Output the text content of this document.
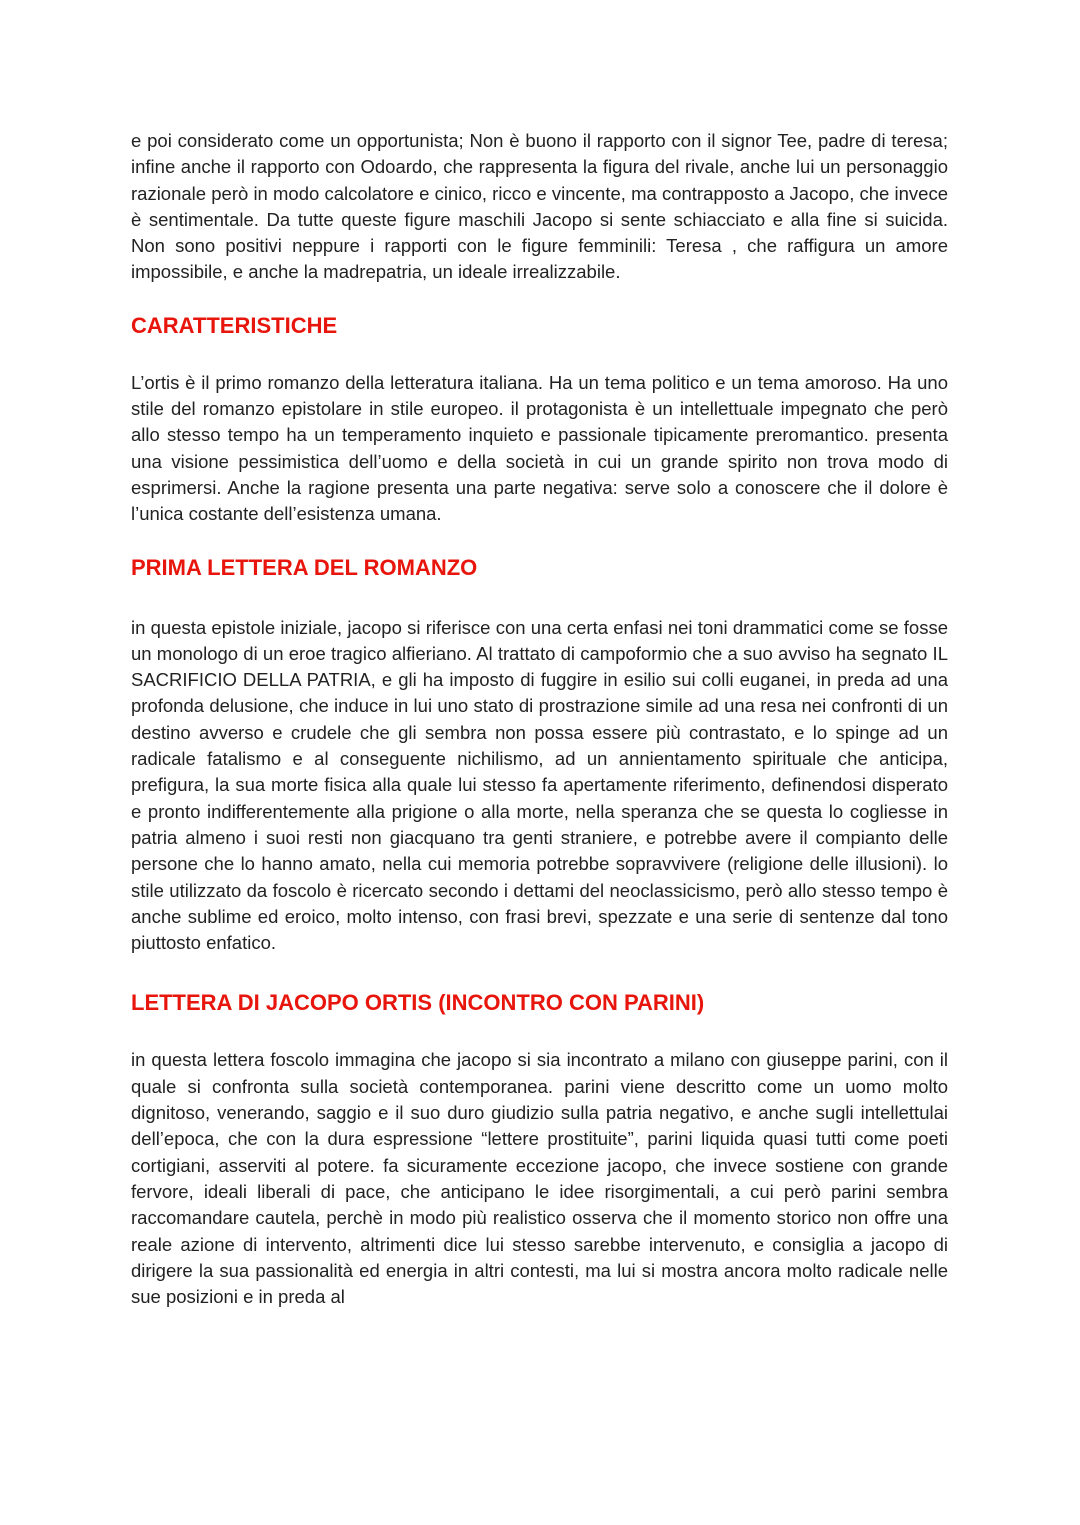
e poi considerato come un opportunista; Non è buono il rapporto con il signor Tee, padre di teresa; infine anche il rapporto con Odoardo, che rappresenta la figura del rivale, anche lui un personaggio razionale però in modo calcolatore e cinico, ricco e vincente, ma contrapposto a Jacopo, che invece è sentimentale. Da tutte queste figure maschili Jacopo si sente schiacciato e alla fine si suicida. Non sono positivi neppure i rapporti con le figure femminili: Teresa , che raffigura un amore impossibile, e anche la madrepatria, un ideale irrealizzabile.

CARATTERISTICHE

L’ortis è il primo romanzo della letteratura italiana. Ha un tema politico e un tema amoroso. Ha uno stile del romanzo epistolare in stile europeo. il protagonista è un intellettuale impegnato che però allo stesso tempo ha un temperamento inquieto e passionale tipicamente preromantico. presenta una visione pessimistica dell’uomo e della società in cui un grande spirito non trova modo di esprimersi. Anche la ragione presenta una parte negativa: serve solo a conoscere che il dolore è l’unica costante dell’esistenza umana.

PRIMA LETTERA DEL ROMANZO

in questa epistole iniziale, jacopo si riferisce con una certa enfasi nei toni drammatici come se fosse un monologo di un eroe tragico alfieriano. Al trattato di campoformio che a suo avviso ha segnato IL SACRIFICIO DELLA PATRIA, e gli ha imposto di fuggire in esilio sui colli euganei, in preda ad una profonda delusione, che induce in lui uno stato di prostrazione simile ad una resa nei confronti di un destino avverso e crudele che gli sembra non possa essere più contrastato, e lo spinge ad un radicale fatalismo e al conseguente nichilismo, ad un annientamento spirituale che anticipa, prefigura, la sua morte fisica alla quale lui stesso fa apertamente riferimento, definendosi disperato e pronto indifferentemente alla prigione o alla morte, nella speranza che se questa lo cogliesse in patria almeno i suoi resti non giacquano tra genti straniere, e potrebbe avere il compianto delle persone che lo hanno amato, nella cui memoria potrebbe sopravvivere (religione delle illusioni). lo stile utilizzato da foscolo è ricercato secondo i dettami del neoclassicismo, però allo stesso tempo è anche sublime ed eroico, molto intenso, con frasi brevi, spezzate e una serie di sentenze dal tono piuttosto enfatico.

LETTERA DI JACOPO ORTIS (INCONTRO CON PARINI)

in questa lettera foscolo immagina che jacopo si sia incontrato a milano con giuseppe parini, con il quale si confronta sulla società contemporanea. parini viene descritto come un uomo molto dignitoso, venerando, saggio e il suo duro giudizio sulla patria negativo, e anche sugli intellettulai dell’epoca, che con la dura espressione “lettere prostituite”, parini liquida quasi tutti come poeti cortigiani, asserviti al potere. fa sicuramente eccezione jacopo, che invece sostiene con grande fervore, ideali liberali di pace, che anticipano le idee risorgimentali, a cui però parini sembra raccomandare cautela, perchè in modo più realistico osserva che il momento storico non offre una reale azione di intervento, altrimenti dice lui stesso sarebbe intervenuto, e consiglia a jacopo di dirigere la sua passionalità ed energia in altri contesti, ma lui si mostra ancora molto radicale nelle sue posizioni e in preda al
